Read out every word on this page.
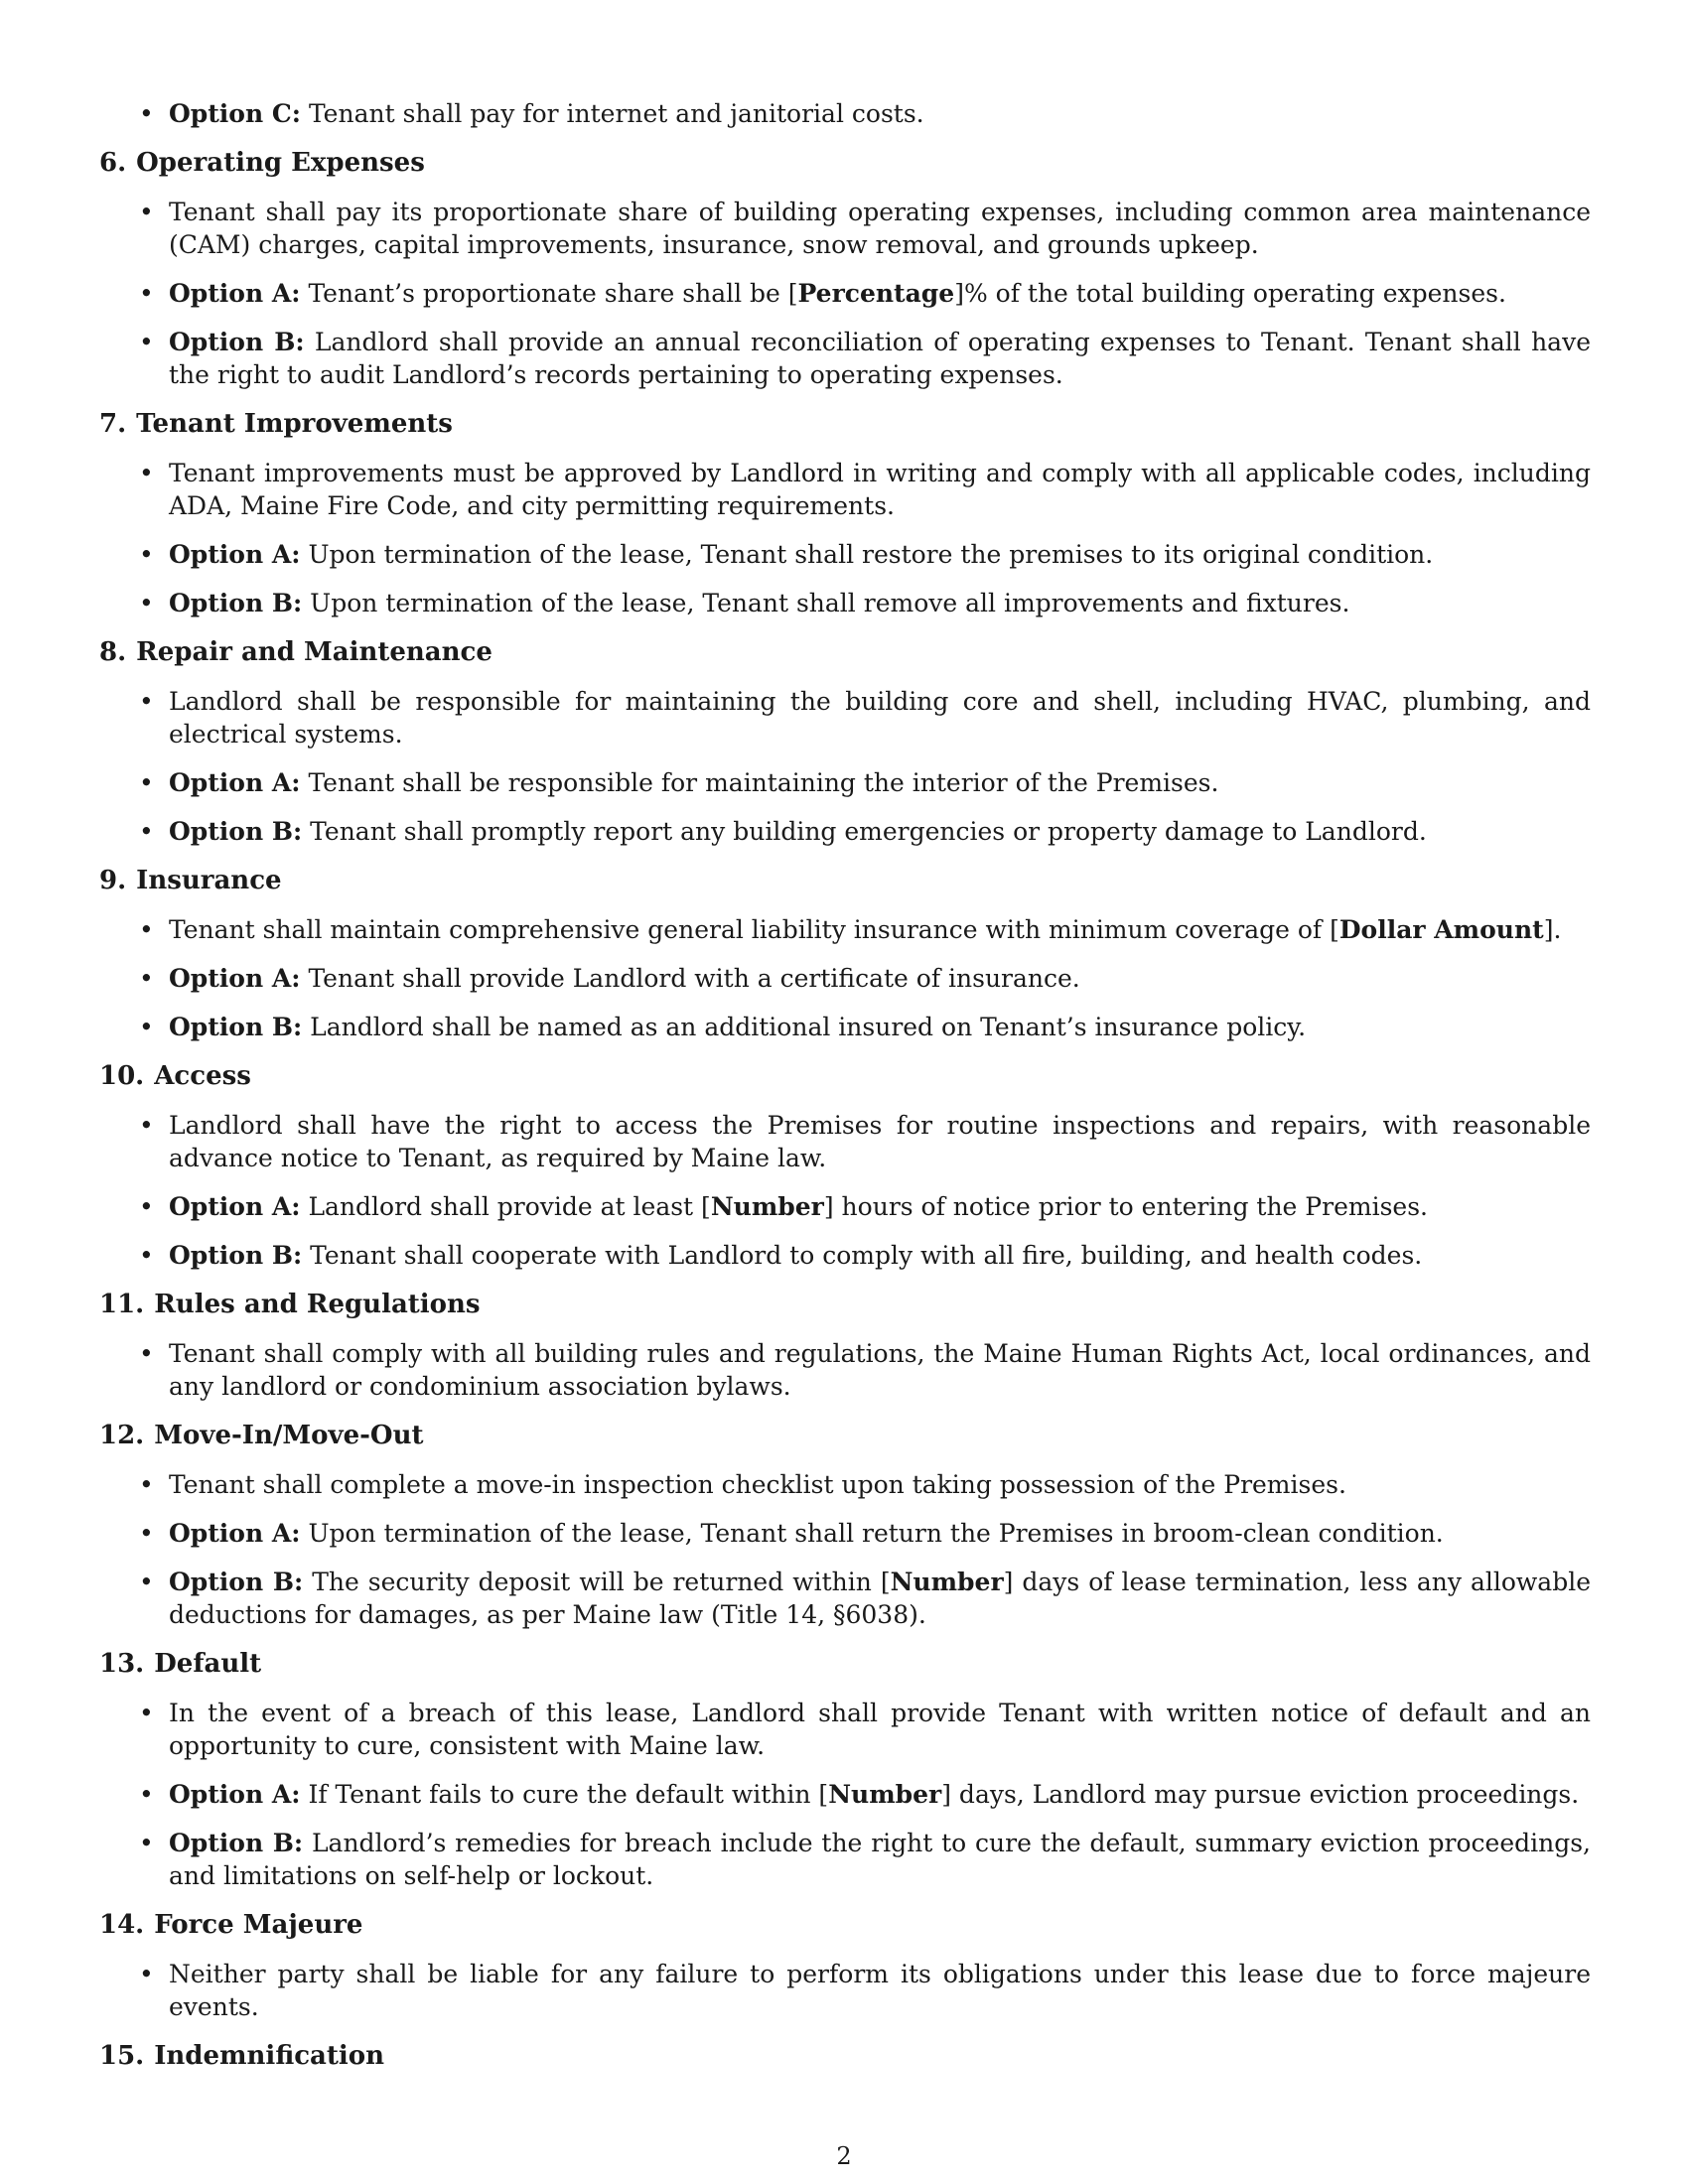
• Option C: Tenant shall pay for internet and janitorial costs.
6. Operating Expenses
• Tenant shall pay its proportionate share of building operating expenses, including common area maintenance (CAM) charges, capital improvements, insurance, snow removal, and grounds upkeep.
• Option A: Tenant’s proportionate share shall be [Percentage]% of the total building operating expenses.
• Option B: Landlord shall provide an annual reconciliation of operating expenses to Tenant. Tenant shall have the right to audit Landlord’s records pertaining to operating expenses.
7. Tenant Improvements
• Tenant improvements must be approved by Landlord in writing and comply with all applicable codes, including ADA, Maine Fire Code, and city permitting requirements.
• Option A: Upon termination of the lease, Tenant shall restore the premises to its original condition.
• Option B: Upon termination of the lease, Tenant shall remove all improvements and fixtures.
8. Repair and Maintenance
• Landlord shall be responsible for maintaining the building core and shell, including HVAC, plumbing, and electrical systems.
• Option A: Tenant shall be responsible for maintaining the interior of the Premises.
• Option B: Tenant shall promptly report any building emergencies or property damage to Landlord.
9. Insurance
• Tenant shall maintain comprehensive general liability insurance with minimum coverage of [Dollar Amount].
• Option A: Tenant shall provide Landlord with a certificate of insurance.
• Option B: Landlord shall be named as an additional insured on Tenant’s insurance policy.
10. Access
• Landlord shall have the right to access the Premises for routine inspections and repairs, with reasonable advance notice to Tenant, as required by Maine law.
• Option A: Landlord shall provide at least [Number] hours of notice prior to entering the Premises.
• Option B: Tenant shall cooperate with Landlord to comply with all fire, building, and health codes.
11. Rules and Regulations
• Tenant shall comply with all building rules and regulations, the Maine Human Rights Act, local ordinances, and any landlord or condominium association bylaws.
12. Move-In/Move-Out
• Tenant shall complete a move-in inspection checklist upon taking possession of the Premises.
• Option A: Upon termination of the lease, Tenant shall return the Premises in broom-clean condition.
• Option B: The security deposit will be returned within [Number] days of lease termination, less any allowable deductions for damages, as per Maine law (Title 14, §6038).
13. Default
• In the event of a breach of this lease, Landlord shall provide Tenant with written notice of default and an opportunity to cure, consistent with Maine law.
• Option A: If Tenant fails to cure the default within [Number] days, Landlord may pursue eviction proceedings.
• Option B: Landlord’s remedies for breach include the right to cure the default, summary eviction proceedings, and limitations on self-help or lockout.
14. Force Majeure
• Neither party shall be liable for any failure to perform its obligations under this lease due to force majeure events.
15. Indemnification
2
